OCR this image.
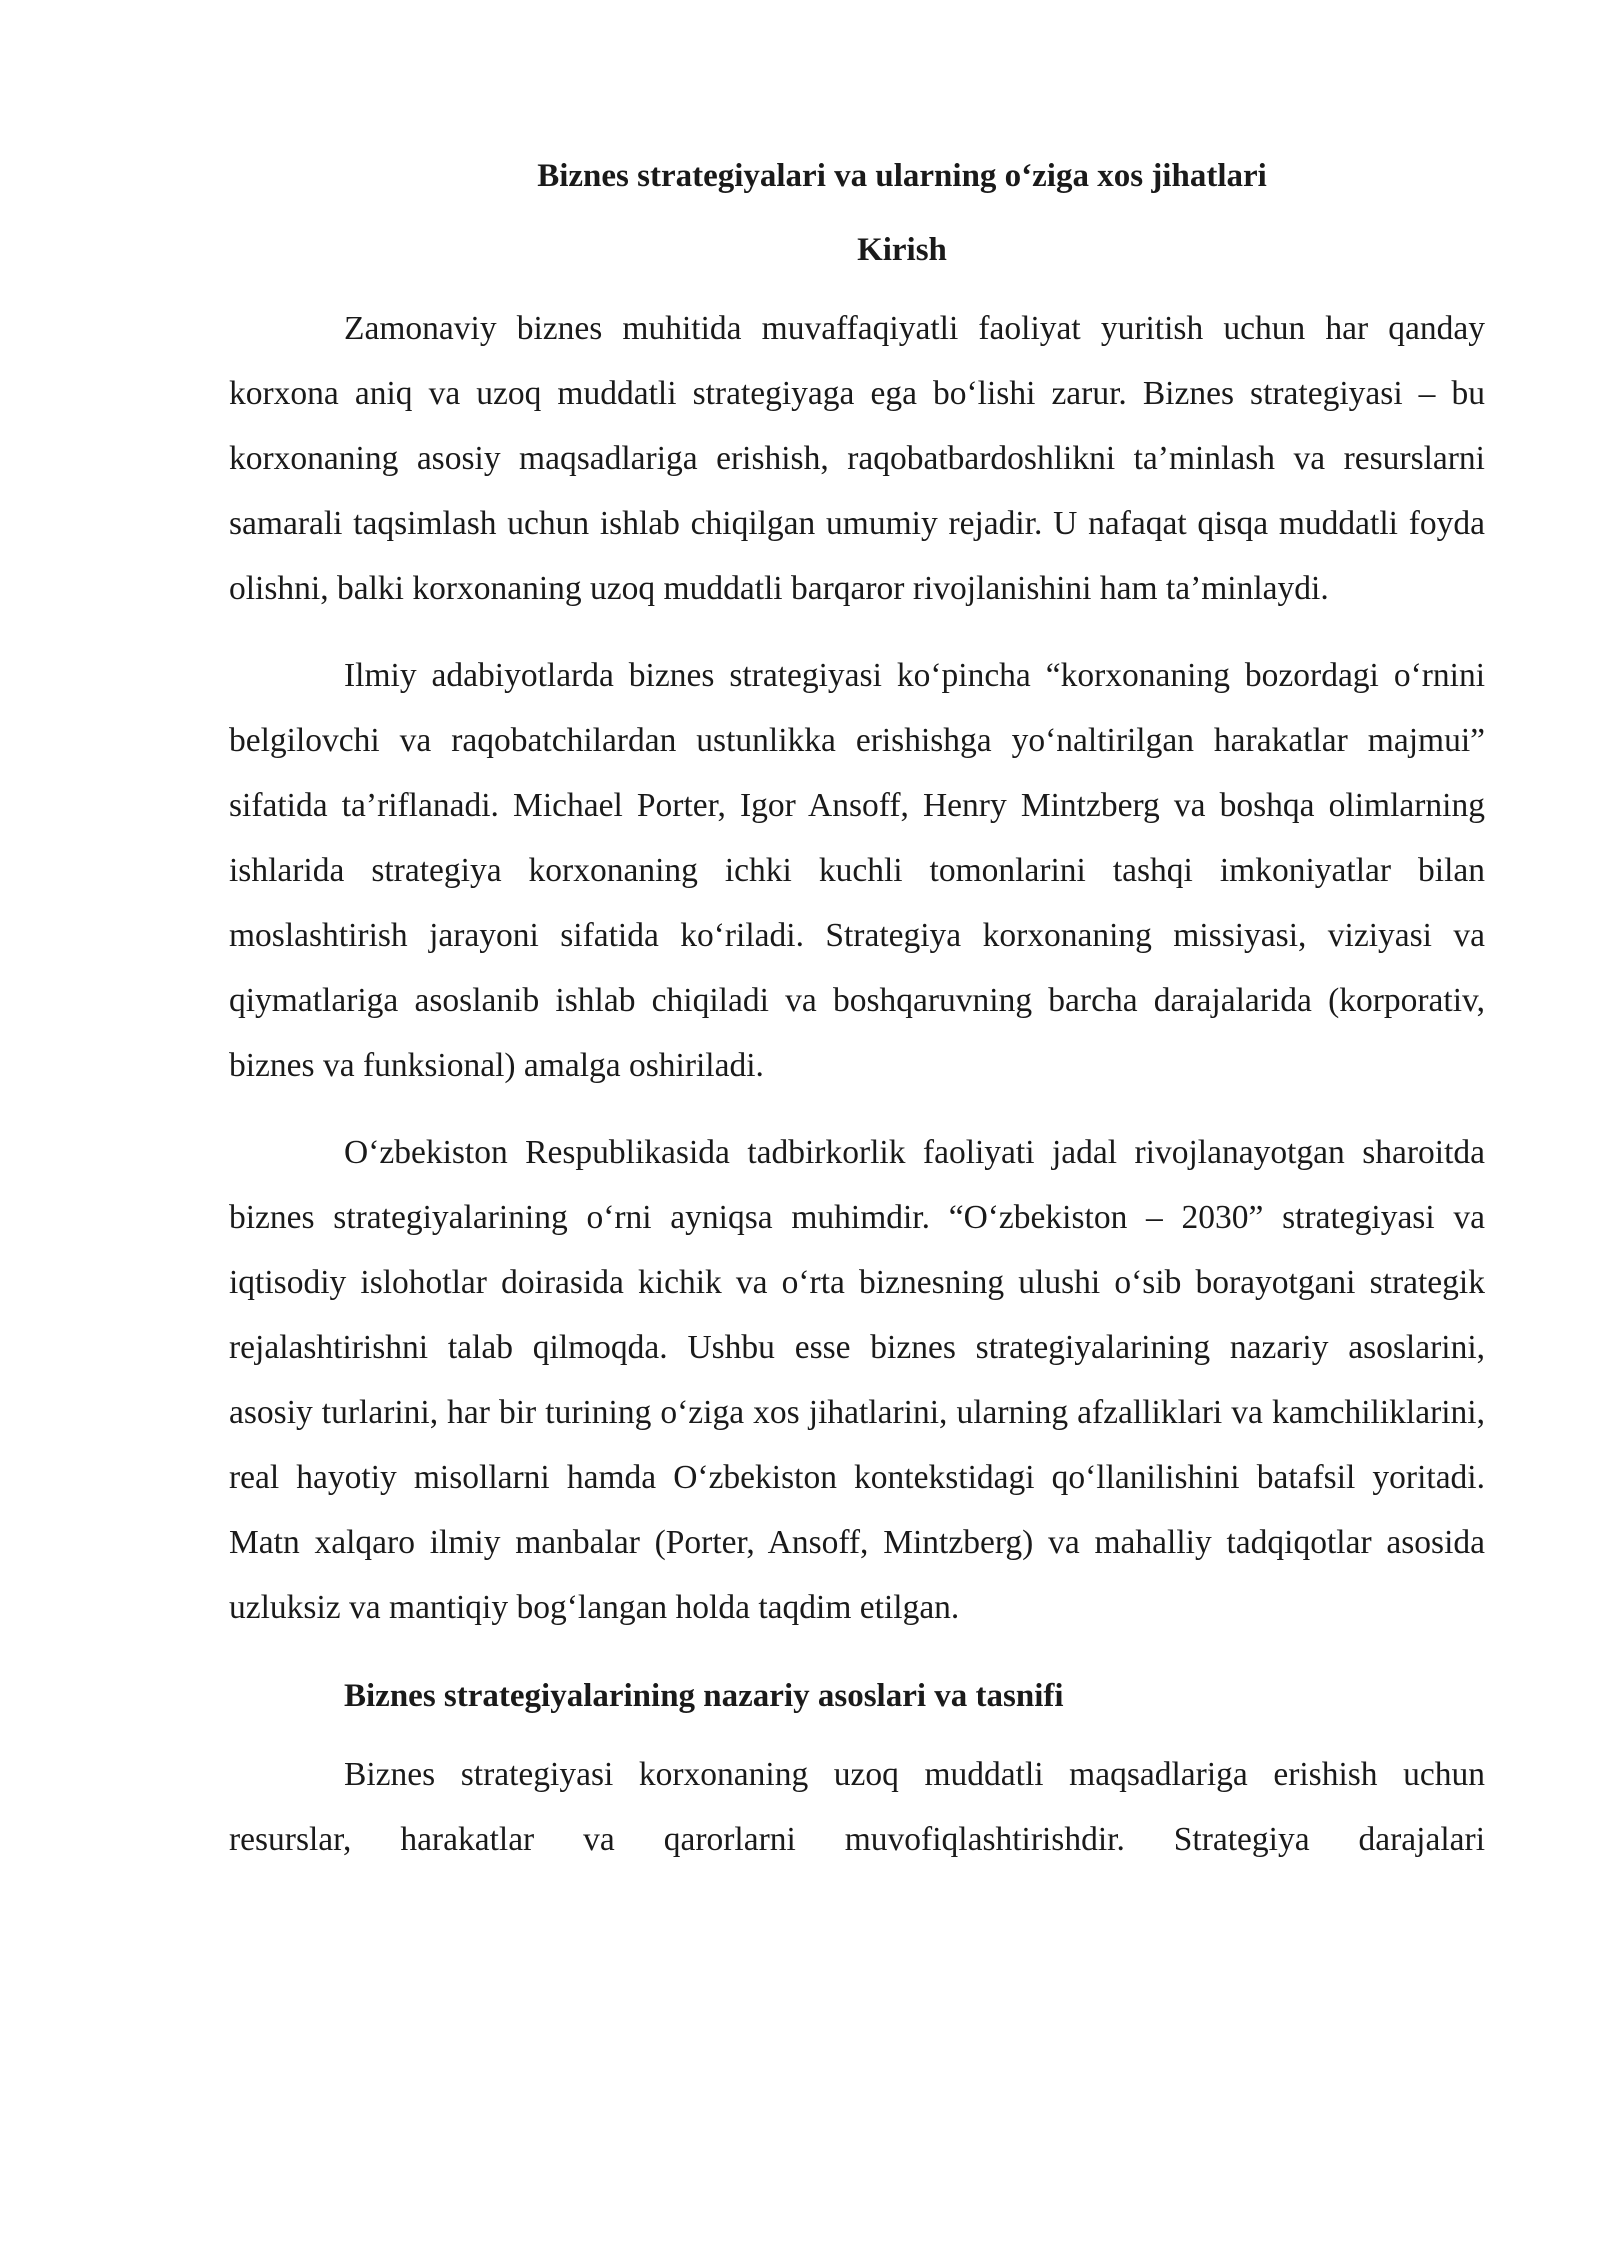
Biznes strategiyalari va ularning o‘ziga xos jihatlari
Kirish

Zamonaviy biznes muhitida muvaffaqiyatli faoliyat yuritish uchun har qanday korxona aniq va uzoq muddatli strategiyaga ega bo‘lishi zarur. Biznes strategiyasi – bu korxonaning asosiy maqsadlariga erishish, raqobatbardoshlikni ta’minlash va resurslarni samarali taqsimlash uchun ishlab chiqilgan umumiy rejadir. U nafaqat qisqa muddatli foyda olishni, balki korxonaning uzoq muddatli barqaror rivojlanishini ham ta’minlaydi.

Ilmiy adabiyotlarda biznes strategiyasi ko‘pincha “korxonaning bozordagi o‘rnini belgilovchi va raqobatchilardan ustunlikka erishishga yo‘naltirilgan harakatlar majmui” sifatida ta’riflanadi. Michael Porter, Igor Ansoff, Henry Mintzberg va boshqa olimlarning ishlarida strategiya korxonaning ichki kuchli tomonlarini tashqi imkoniyatlar bilan moslashtirish jarayoni sifatida ko‘riladi. Strategiya korxonaning missiyasi, viziyasi va qiymatlariga asoslanib ishlab chiqiladi va boshqaruvning barcha darajalarida (korporativ, biznes va funksional) amalga oshiriladi.

O‘zbekiston Respublikasida tadbirkorlik faoliyati jadal rivojlanayotgan sharoitda biznes strategiyalarining o‘rni ayniqsa muhimdir. “O‘zbekiston – 2030” strategiyasi va iqtisodiy islohotlar doirasida kichik va o‘rta biznesning ulushi o‘sib borayotgani strategik rejalashtirishni talab qilmoqda. Ushbu esse biznes strategiyalarining nazariy asoslarini, asosiy turlarini, har bir turining o‘ziga xos jihatlarini, ularning afzalliklari va kamchiliklarini, real hayotiy misollarni hamda O‘zbekiston kontekstidagi qo‘llanilishini batafsil yoritadi. Matn xalqaro ilmiy manbalar (Porter, Ansoff, Mintzberg) va mahalliy tadqiqotlar asosida uzluksiz va mantiqiy bog‘langan holda taqdim etilgan.

Biznes strategiyalarining nazariy asoslari va tasnifi

Biznes strategiyasi korxonaning uzoq muddatli maqsadlariga erishish uchun resurslar, harakatlar va qarorlarni muvofiqlashtirishdir. Strategiya darajalari
